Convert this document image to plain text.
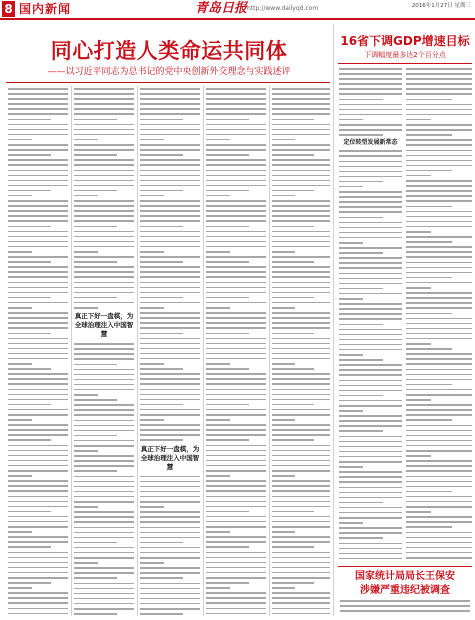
8 国内新闻	青岛日报 http://www.dailyqd.com	2016年1月27日 星期三
同心打造人类命运共同体
——以习近平同志为总书记的党中央创新外交理念与实践述评
真正下好一盘棋，为全球治理注入中国智慧
真正下好一盘棋，为全球治理注入中国智慧
16省下调GDP增速目标
下调幅度最多达2个百分点
定位转型发展新常态
国家统计局局长王保安
涉嫌严重违纪被调查
